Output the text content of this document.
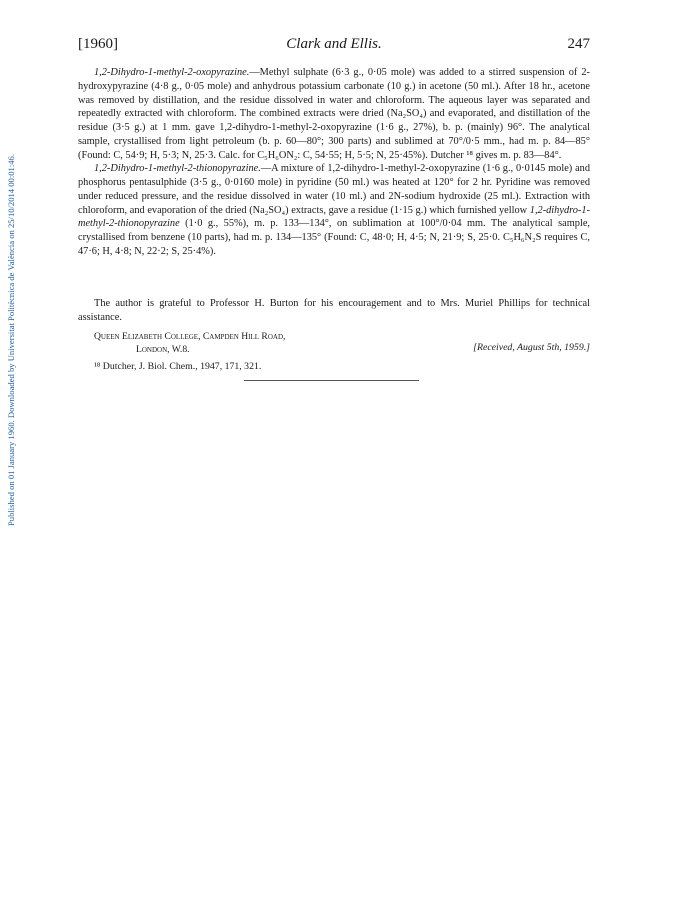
Published on 01 January 1960. Downloaded by Universitat Politècnica de València on 25/10/2014 00:01:46.
[1960]	Clark and Ellis.	247

1,2-Dihydro-1-methyl-2-oxopyrazine.—Methyl sulphate (6·3 g., 0·05 mole) was added to a stirred suspension of 2-hydroxypyrazine (4·8 g., 0·05 mole) and anhydrous potassium carbonate (10 g.) in acetone (50 ml.). After 18 hr., acetone was removed by distillation, and the residue dissolved in water and chloroform. The aqueous layer was separated and repeatedly extracted with chloroform. The combined extracts were dried (Na₂SO₄) and evaporated, and distillation of the residue (3·5 g.) at 1 mm. gave 1,2-dihydro-1-methyl-2-oxopyrazine (1·6 g., 27%), b. p. (mainly) 96°. The analytical sample, crystallised from light petroleum (b. p. 60—80°; 300 parts) and sublimed at 70°/0·5 mm., had m. p. 84—85° (Found: C, 54·9; H, 5·3; N, 25·3. Calc. for C₅H₆ON₂: C, 54·55; H, 5·5; N, 25·45%). Dutcher ¹⁸ gives m. p. 83—84°.

1,2-Dihydro-1-methyl-2-thionopyrazine.—A mixture of 1,2-dihydro-1-methyl-2-oxopyrazine (1·6 g., 0·0145 mole) and phosphorus pentasulphide (3·5 g., 0·0160 mole) in pyridine (50 ml.) was heated at 120° for 2 hr. Pyridine was removed under reduced pressure, and the residue dissolved in water (10 ml.) and 2N-sodium hydroxide (25 ml.). Extraction with chloroform, and evaporation of the dried (Na₂SO₄) extracts, gave a residue (1·15 g.) which furnished yellow 1,2-dihydro-1-methyl-2-thionopyrazine (1·0 g., 55%), m. p. 133—134°, on sublimation at 100°/0·04 mm. The analytical sample, crystallised from benzene (10 parts), had m. p. 134—135° (Found: C, 48·0; H, 4·5; N, 21·9; S, 25·0. C₅H₆N₂S requires C, 47·6; H, 4·8; N, 22·2; S, 25·4%).

The author is grateful to Professor H. Burton for his encouragement and to Mrs. Muriel Phillips for technical assistance.
Queen Elizabeth College, Campden Hill Road,
London, W.8.	[Received, August 5th, 1959.]
¹⁸ Dutcher, J. Biol. Chem., 1947, 171, 321.
